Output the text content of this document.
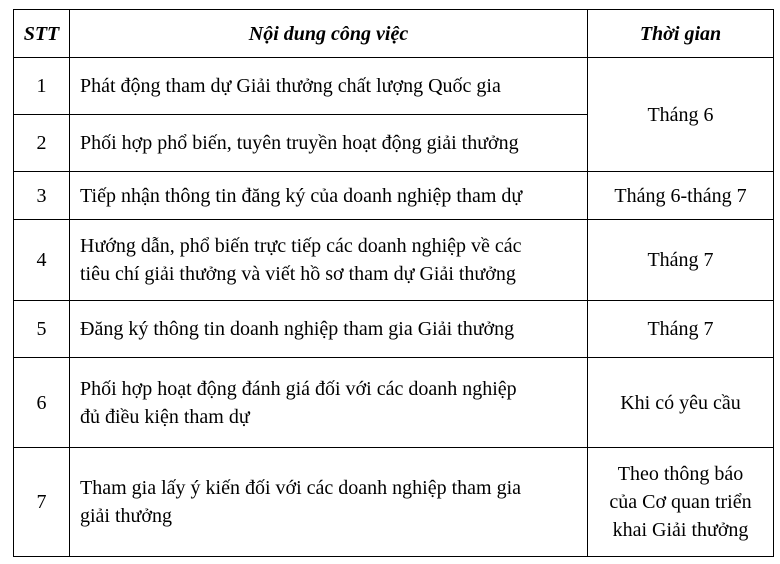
STT	Nội dung công việc	Thời gian
1	Phát động tham dự Giải thưởng chất lượng Quốc gia	Tháng 6

2	Phối hợp phổ biến, tuyên truyền hoạt động giải thưởng	

3	Tiếp nhận thông tin đăng ký của doanh nghiệp tham dự	Tháng 6-tháng 7

4	Hướng dẫn, phổ biến trực tiếp các doanh nghiệp về các
tiêu chí giải thưởng và viết hồ sơ tham dự Giải thưởng	Tháng 7

5	Đăng ký thông tin doanh nghiệp tham gia Giải thưởng	Tháng 7

6	Phối hợp hoạt động đánh giá đối với các doanh nghiệp
đủ điều kiện tham dự	Khi có yêu cầu

7	Tham gia lấy ý kiến đối với các doanh nghiệp tham gia
giải thưởng	Theo thông báo
của Cơ quan triển
khai Giải thưởng
